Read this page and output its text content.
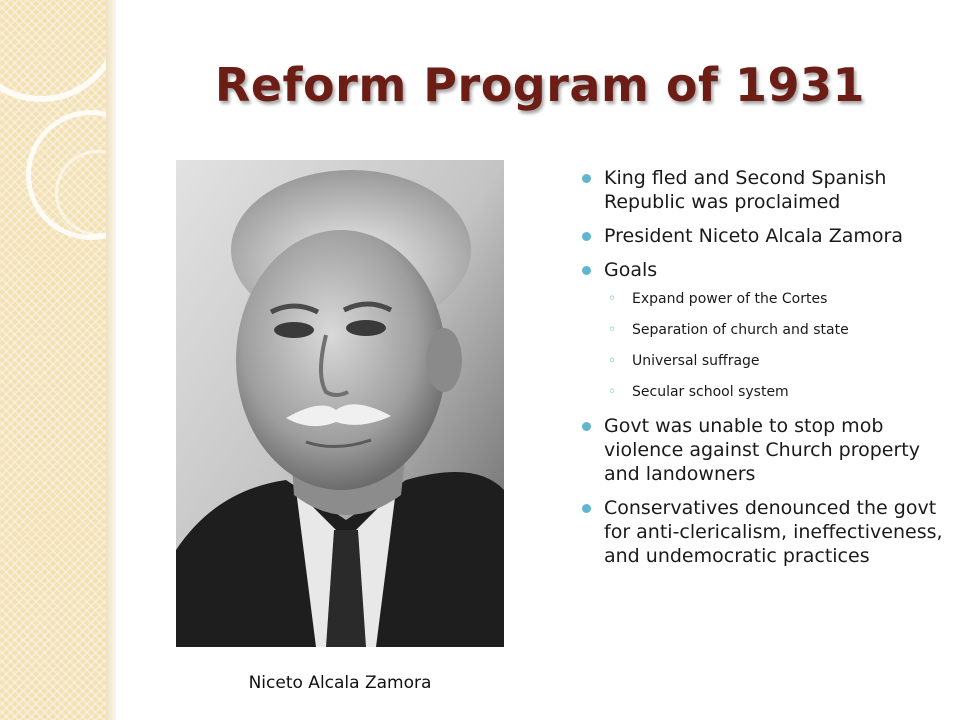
Reform Program of 1931
Niceto Alcala Zamora
King fled and Second Spanish Republic was proclaimed
President Niceto Alcala Zamora
Goals
◦ Expand power of the Cortes
◦ Separation of church and state
◦ Universal suffrage
◦ Secular school system
Govt was unable to stop mob violence against Church property and landowners
Conservatives denounced the govt for anti-clericalism, ineffectiveness, and undemocratic practices
